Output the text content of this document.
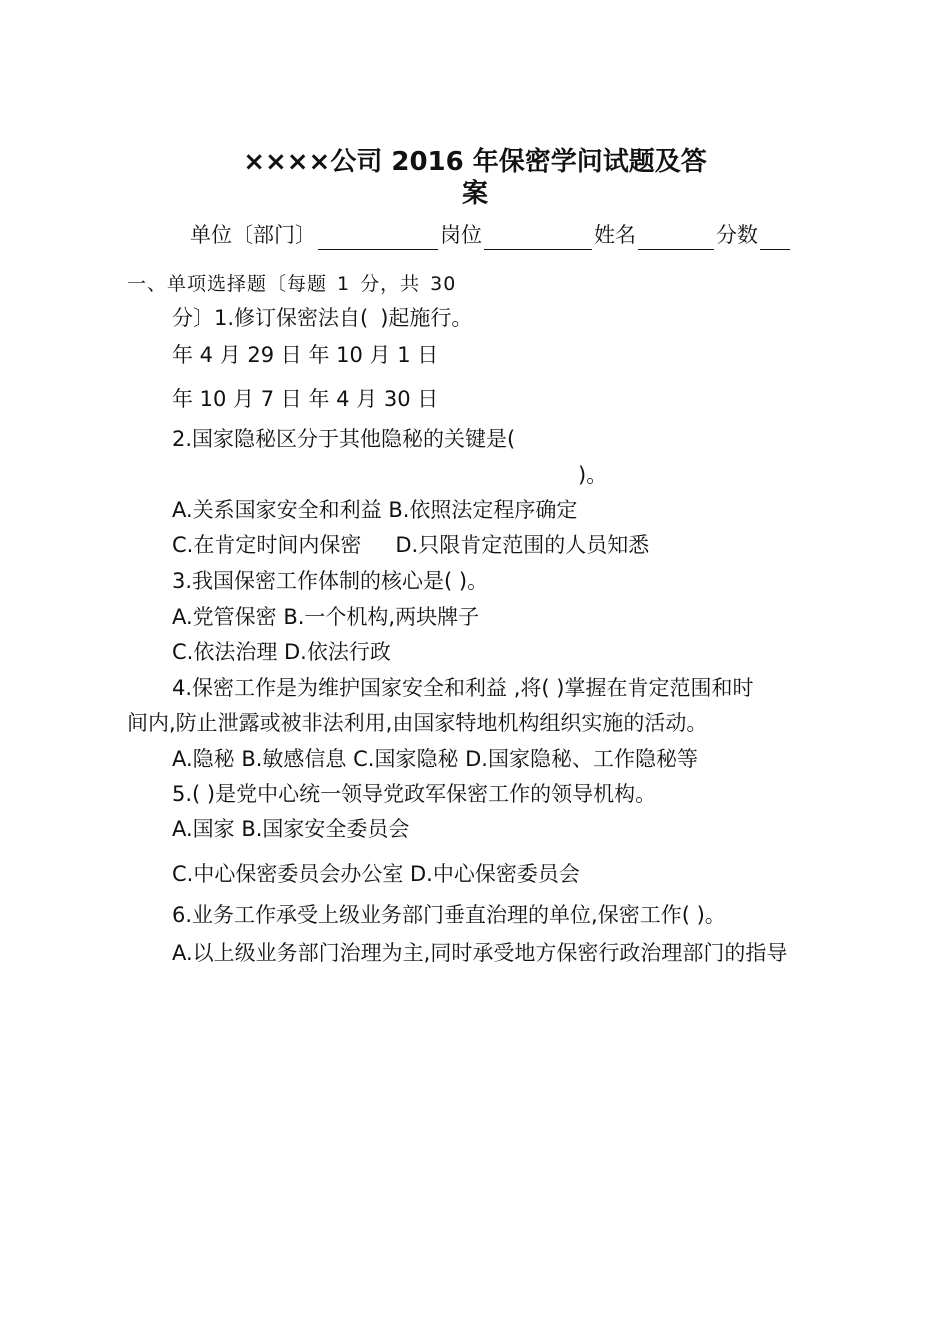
××××公司 2016 年保密学问试题及答
案
单位〔部门〕	岗位	姓名	分数
一、单项选择题〔每题 1 分，共 30
分〕1.修订保密法自( )起施行。
年 4 月 29 日 年 10 月 1 日
年 10 月 7 日 年 4 月 30 日
2.国家隐秘区分于其他隐秘的关键是(
)。
A.关系国家安全和利益 B.依照法定程序确定
C.在肯定时间内保密 D.只限肯定范围的人员知悉
3.我国保密工作体制的核心是( )。
A.党管保密 B.一个机构,两块牌子
C.依法治理 D.依法行政
4.保密工作是为维护国家安全和利益 ,将( )掌握在肯定范围和时
间内,防止泄露或被非法利用,由国家特地机构组织实施的活动。
A.隐秘 B.敏感信息 C.国家隐秘 D.国家隐秘、工作隐秘等
5.( )是党中心统一领导党政军保密工作的领导机构。
A.国家 B.国家安全委员会
C.中心保密委员会办公室 D.中心保密委员会
6.业务工作承受上级业务部门垂直治理的单位,保密工作( )。
A.以上级业务部门治理为主,同时承受地方保密行政治理部门的指导
